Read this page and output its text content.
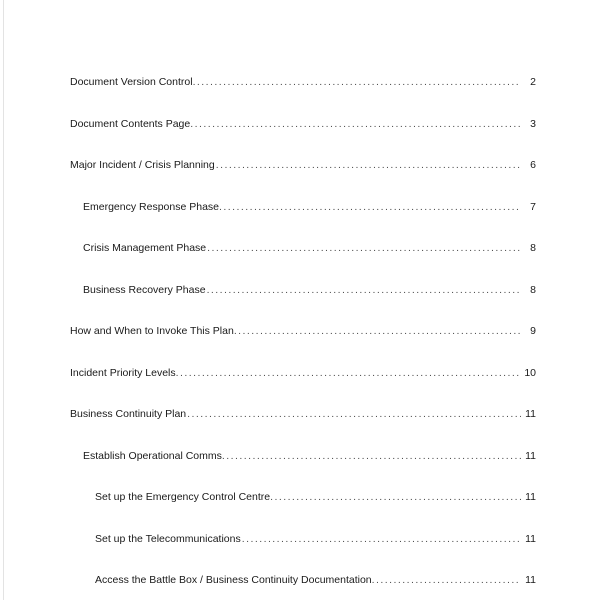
Document Version Control .....	2
Document Contents Page .....	3
Major Incident / Crisis Planning .....	6
Emergency Response Phase .....	7
Crisis Management Phase .....	8
Business Recovery Phase .....	8
How and When to Invoke This Plan .....	9
Incident Priority Levels .....	10
Business Continuity Plan .....	11
Establish Operational Comms .....	11
Set up the Emergency Control Centre .....	11
Set up the Telecommunications .....	11
Access the Battle Box / Business Continuity Documentation .....	11
